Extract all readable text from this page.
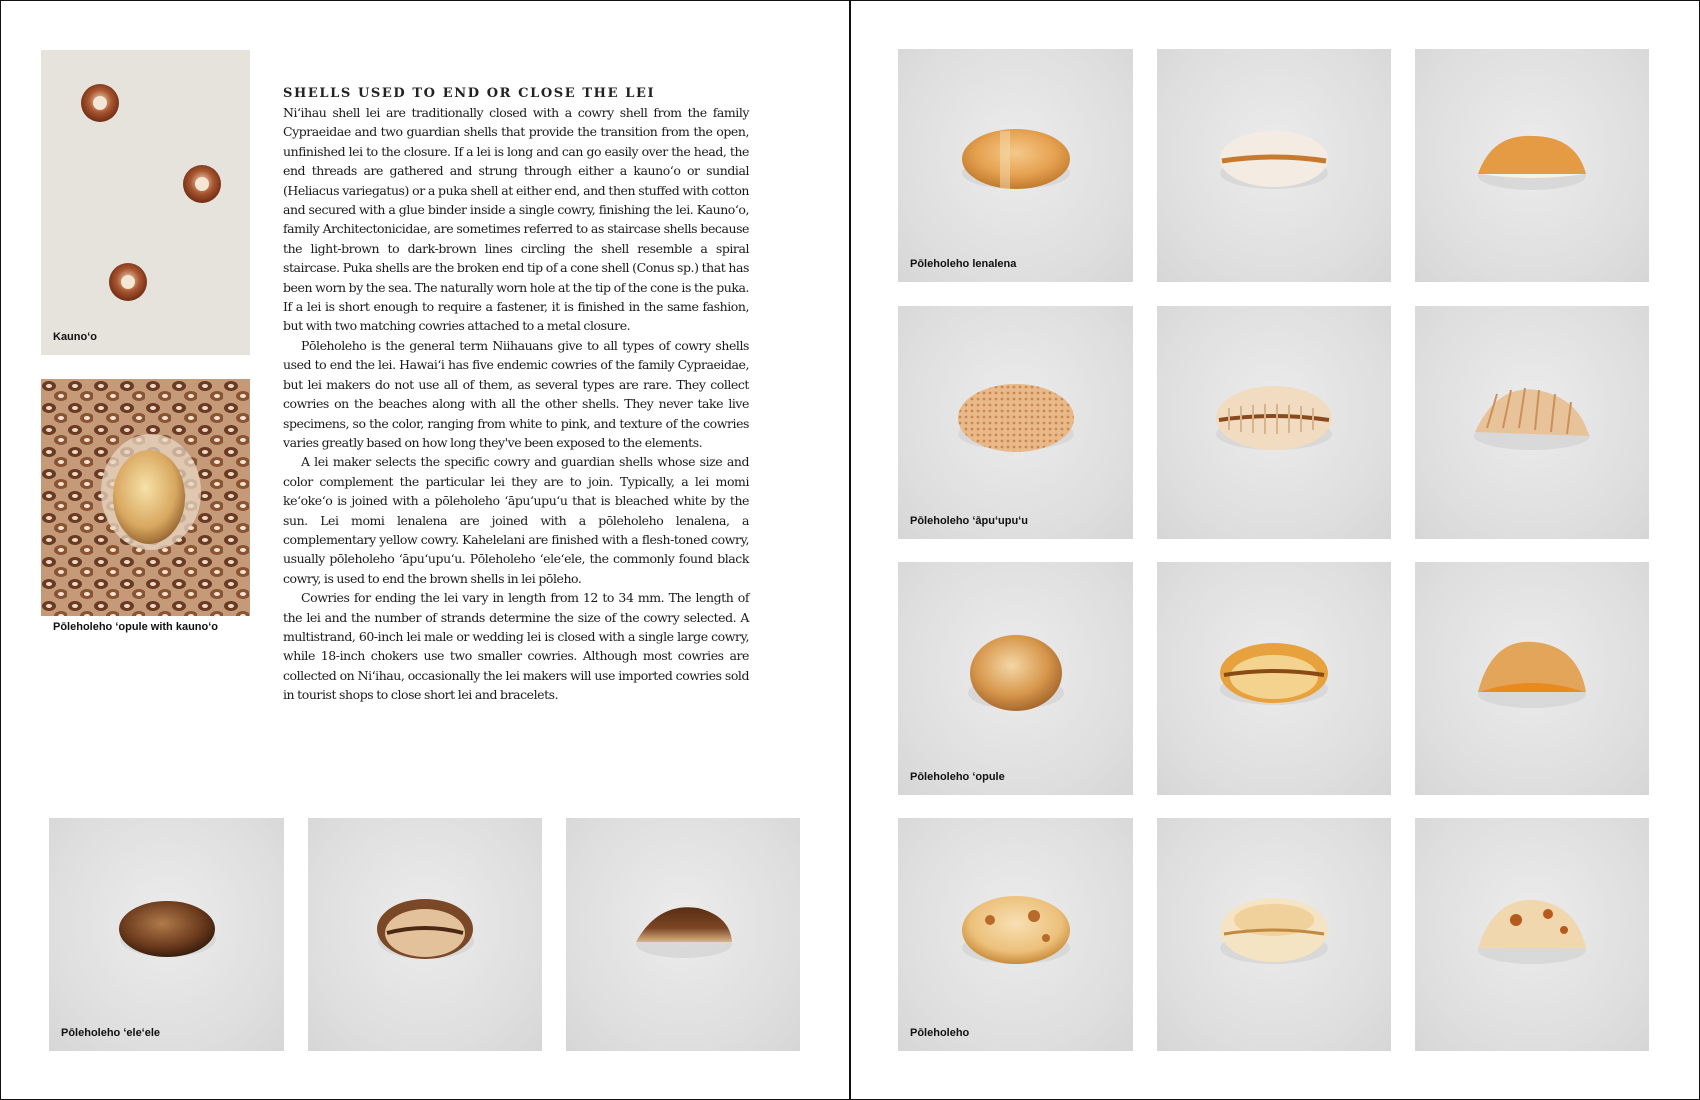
Kaunoʻo
Pōleholeho ʻopule with kaunoʻo
SHELLS USED TO END OR CLOSE THE LEI

Niʻihau shell lei are traditionally closed with a cowry shell from the family Cypraeidae and two guardian shells that provide the transition from the open, unfinished lei to the closure. If a lei is long and can go easily over the head, the end threads are gathered and strung through either a kaunoʻo or sundial (Heliacus variegatus) or a puka shell at either end, and then stuffed with cotton and secured with a glue binder inside a single cowry, finishing the lei. Kaunoʻo, family Architectonicidae, are sometimes referred to as staircase shells because the light-brown to dark-brown lines circling the shell resemble a spiral staircase. Puka shells are the broken end tip of a cone shell (Conus sp.) that has been worn by the sea. The naturally worn hole at the tip of the cone is the puka. If a lei is short enough to require a fastener, it is finished in the same fashion, but with two matching cowries attached to a metal closure.

Pōleholeho is the general term Niihauans give to all types of cowry shells used to end the lei. Hawaiʻi has five endemic cowries of the family Cypraeidae, but lei makers do not use all of them, as several types are rare. They collect cowries on the beaches along with all the other shells. They never take live specimens, so the color, ranging from white to pink, and texture of the cowries varies greatly based on how long they've been exposed to the elements.

A lei maker selects the specific cowry and guardian shells whose size and color complement the particular lei they are to join. Typically, a lei momi keʻokeʻo is joined with a pōleholeho ʻāpuʻupuʻu that is bleached white by the sun. Lei momi lenalena are joined with a pōleholeho lenalena, a complementary yellow cowry. Kahelelani are finished with a flesh-toned cowry, usually pōleholeho ʻāpuʻupuʻu. Pōleholeho ʻeleʻele, the commonly found black cowry, is used to end the brown shells in lei pōleho.

Cowries for ending the lei vary in length from 12 to 34 mm. The length of the lei and the number of strands determine the size of the cowry selected. A multistrand, 60-inch lei male or wedding lei is closed with a single large cowry, while 18-inch chokers use two smaller cowries. Although most cowries are collected on Niʻihau, occasionally the lei makers will use imported cowries sold in tourist shops to close short lei and bracelets.

Pōleholeho ʻeleʻele
Pōleholeho lenalena
Pōleholeho ʻāpuʻupuʻu
Pōleholeho ʻopule
Pōleholeho
